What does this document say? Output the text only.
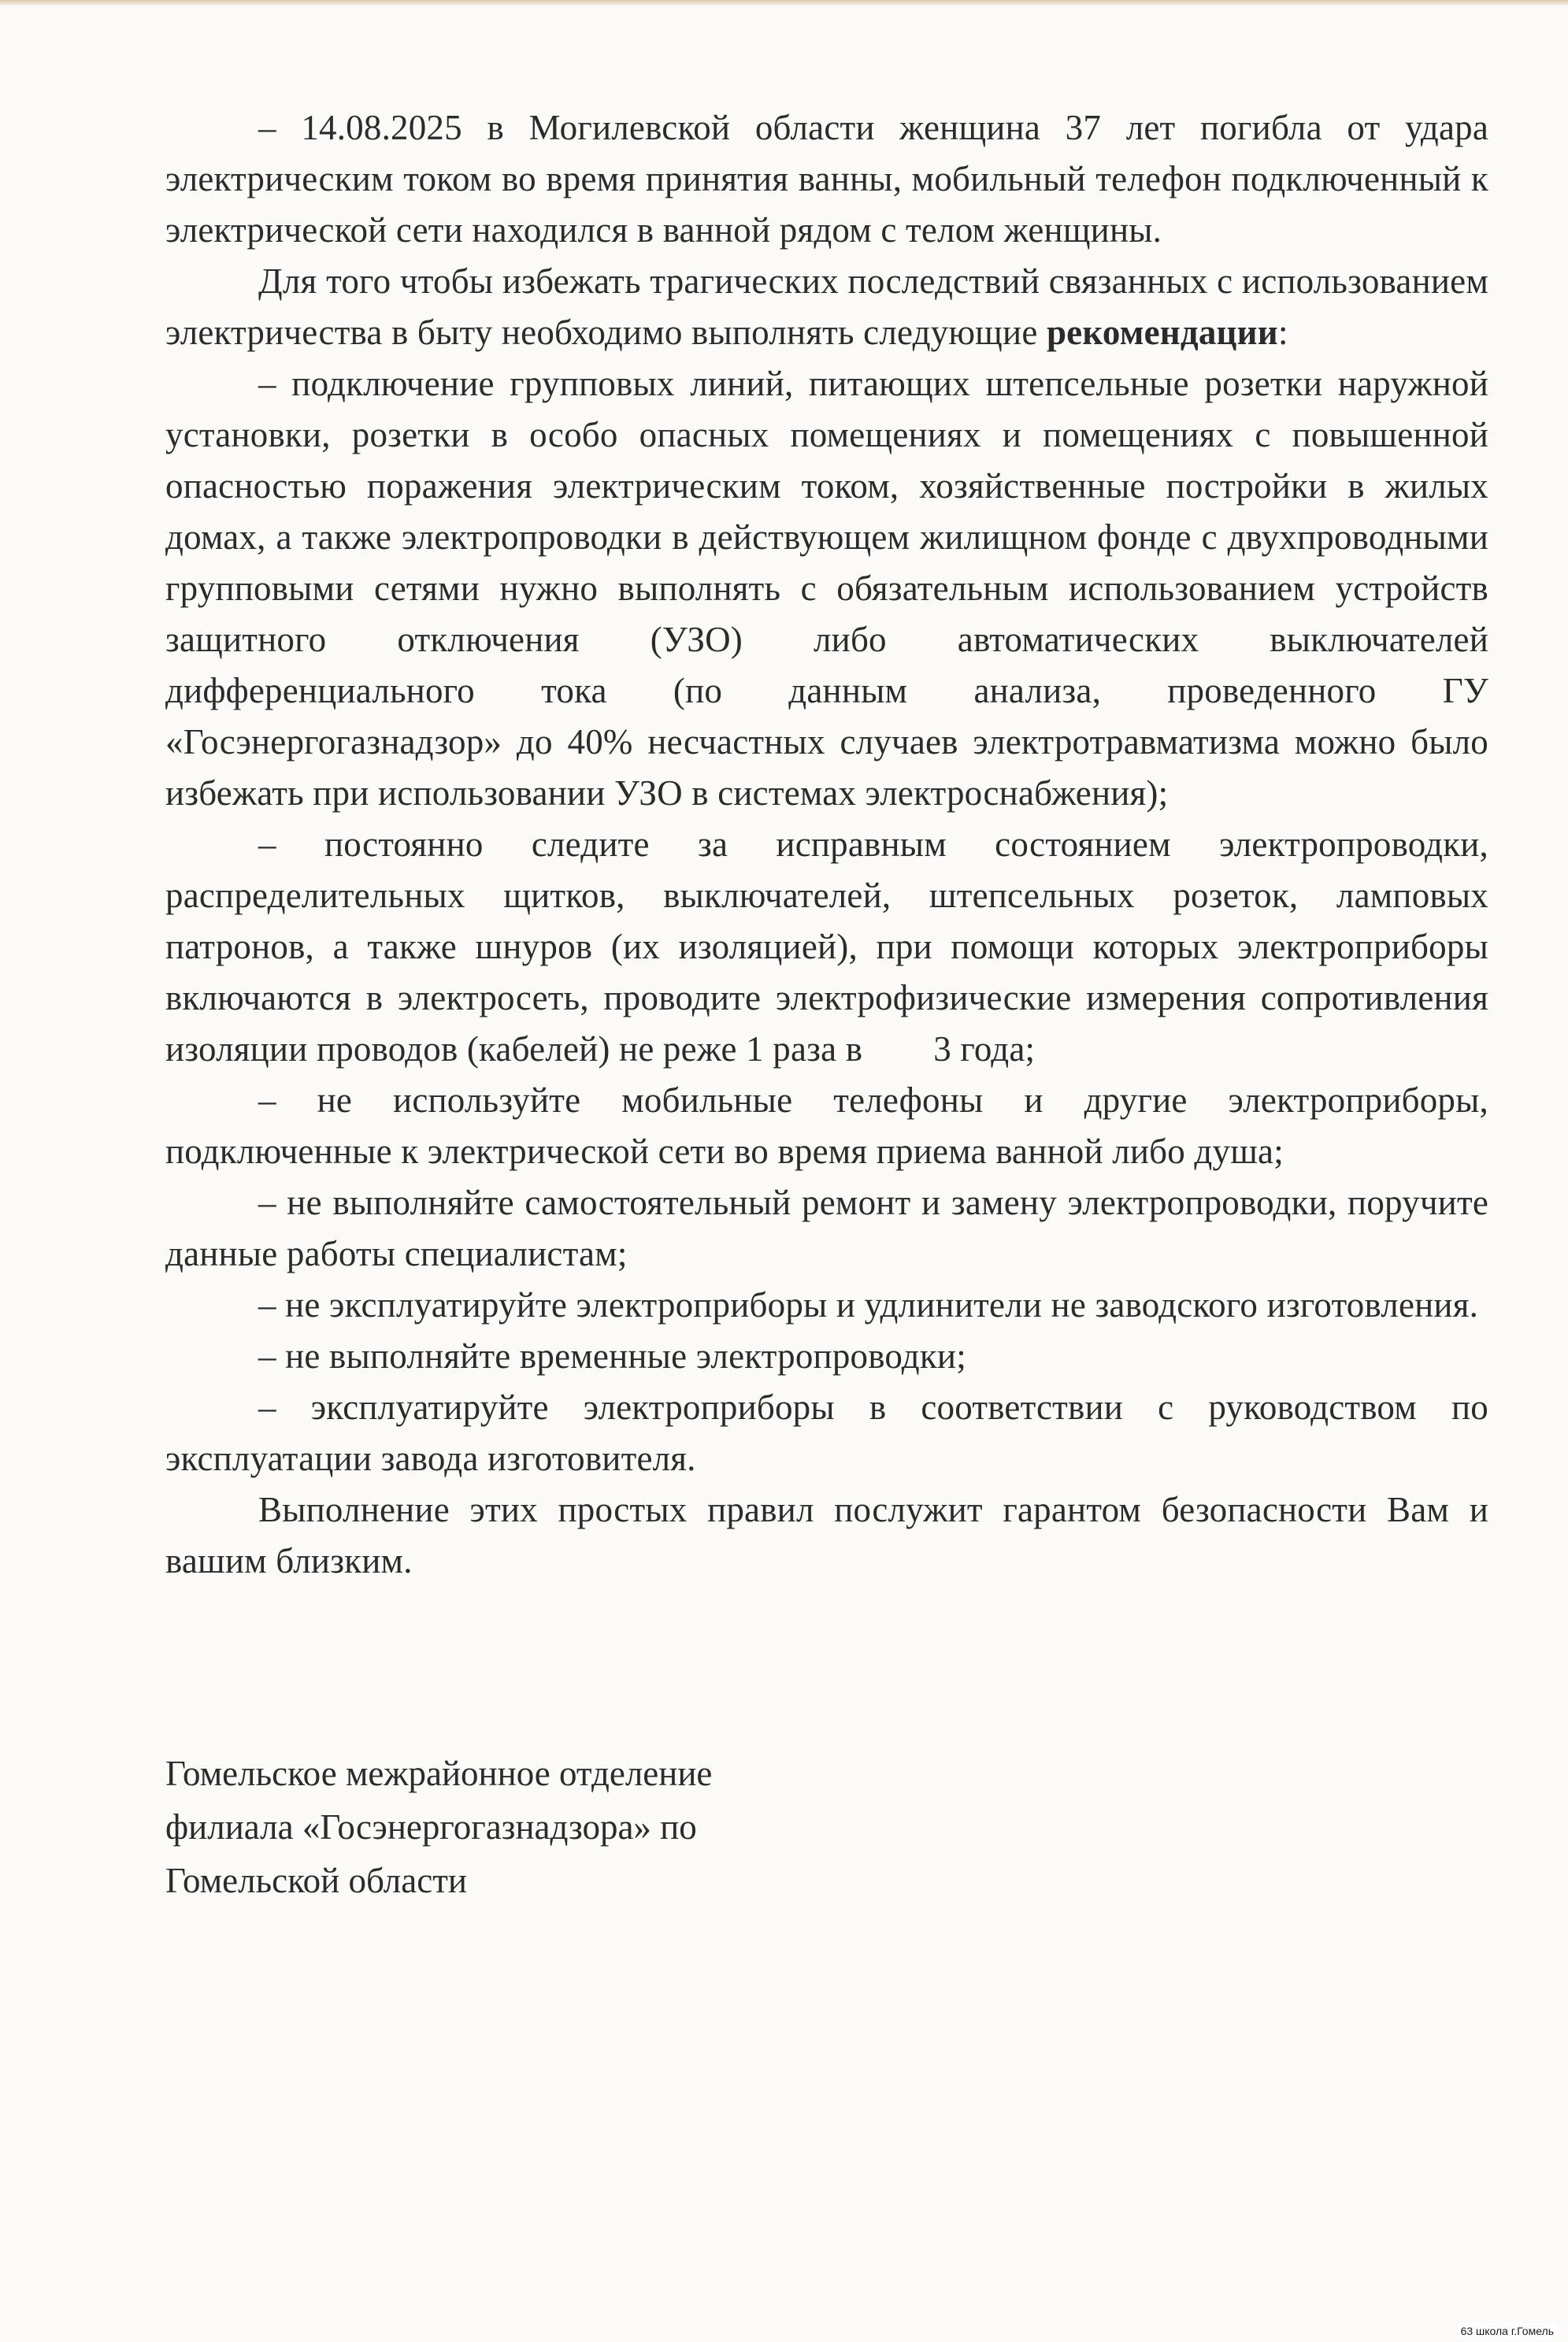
– 14.08.2025 в Могилевской области женщина 37 лет погибла от удара электрическим током во время принятия ванны, мобильный телефон подключенный к электрической сети находился в ванной рядом с телом женщины.

Для того чтобы избежать трагических последствий связанных с использованием электричества в быту необходимо выполнять следующие рекомендации:

– подключение групповых линий, питающих штепсельные розетки наружной установки, розетки в особо опасных помещениях и помещениях с повышенной опасностью поражения электрическим током, хозяйственные постройки в жилых домах, а также электропроводки в действующем жилищном фонде с двухпроводными групповыми сетями нужно выполнять с обязательным использованием устройств защитного отключения (УЗО) либо автоматических выключателей дифференциального тока (по данным анализа, проведенного ГУ «Госэнергогазнадзор» до 40% несчастных случаев электротравматизма можно было избежать при использовании УЗО в системах электроснабжения);

– постоянно следите за исправным состоянием электропроводки, распределительных щитков, выключателей, штепсельных розеток, ламповых патронов, а также шнуров (их изоляцией), при помощи которых электроприборы включаются в электросеть, проводите электрофизические измерения сопротивления изоляции проводов (кабелей) не реже 1 раза в 3 года;

– не используйте мобильные телефоны и другие электроприборы, подключенные к электрической сети во время приема ванной либо душа;

– не выполняйте самостоятельный ремонт и замену электропроводки, поручите данные работы специалистам;

– не эксплуатируйте электроприборы и удлинители не заводского изготовления.

– не выполняйте временные электропроводки;

– эксплуатируйте электроприборы в соответствии с руководством по эксплуатации завода изготовителя.

Выполнение этих простых правил послужит гарантом безопасности Вам и вашим близким.

Гомельское межрайонное отделение
филиала «Госэнергогазнадзора» по
Гомельской области
63 школа г.Гомель
